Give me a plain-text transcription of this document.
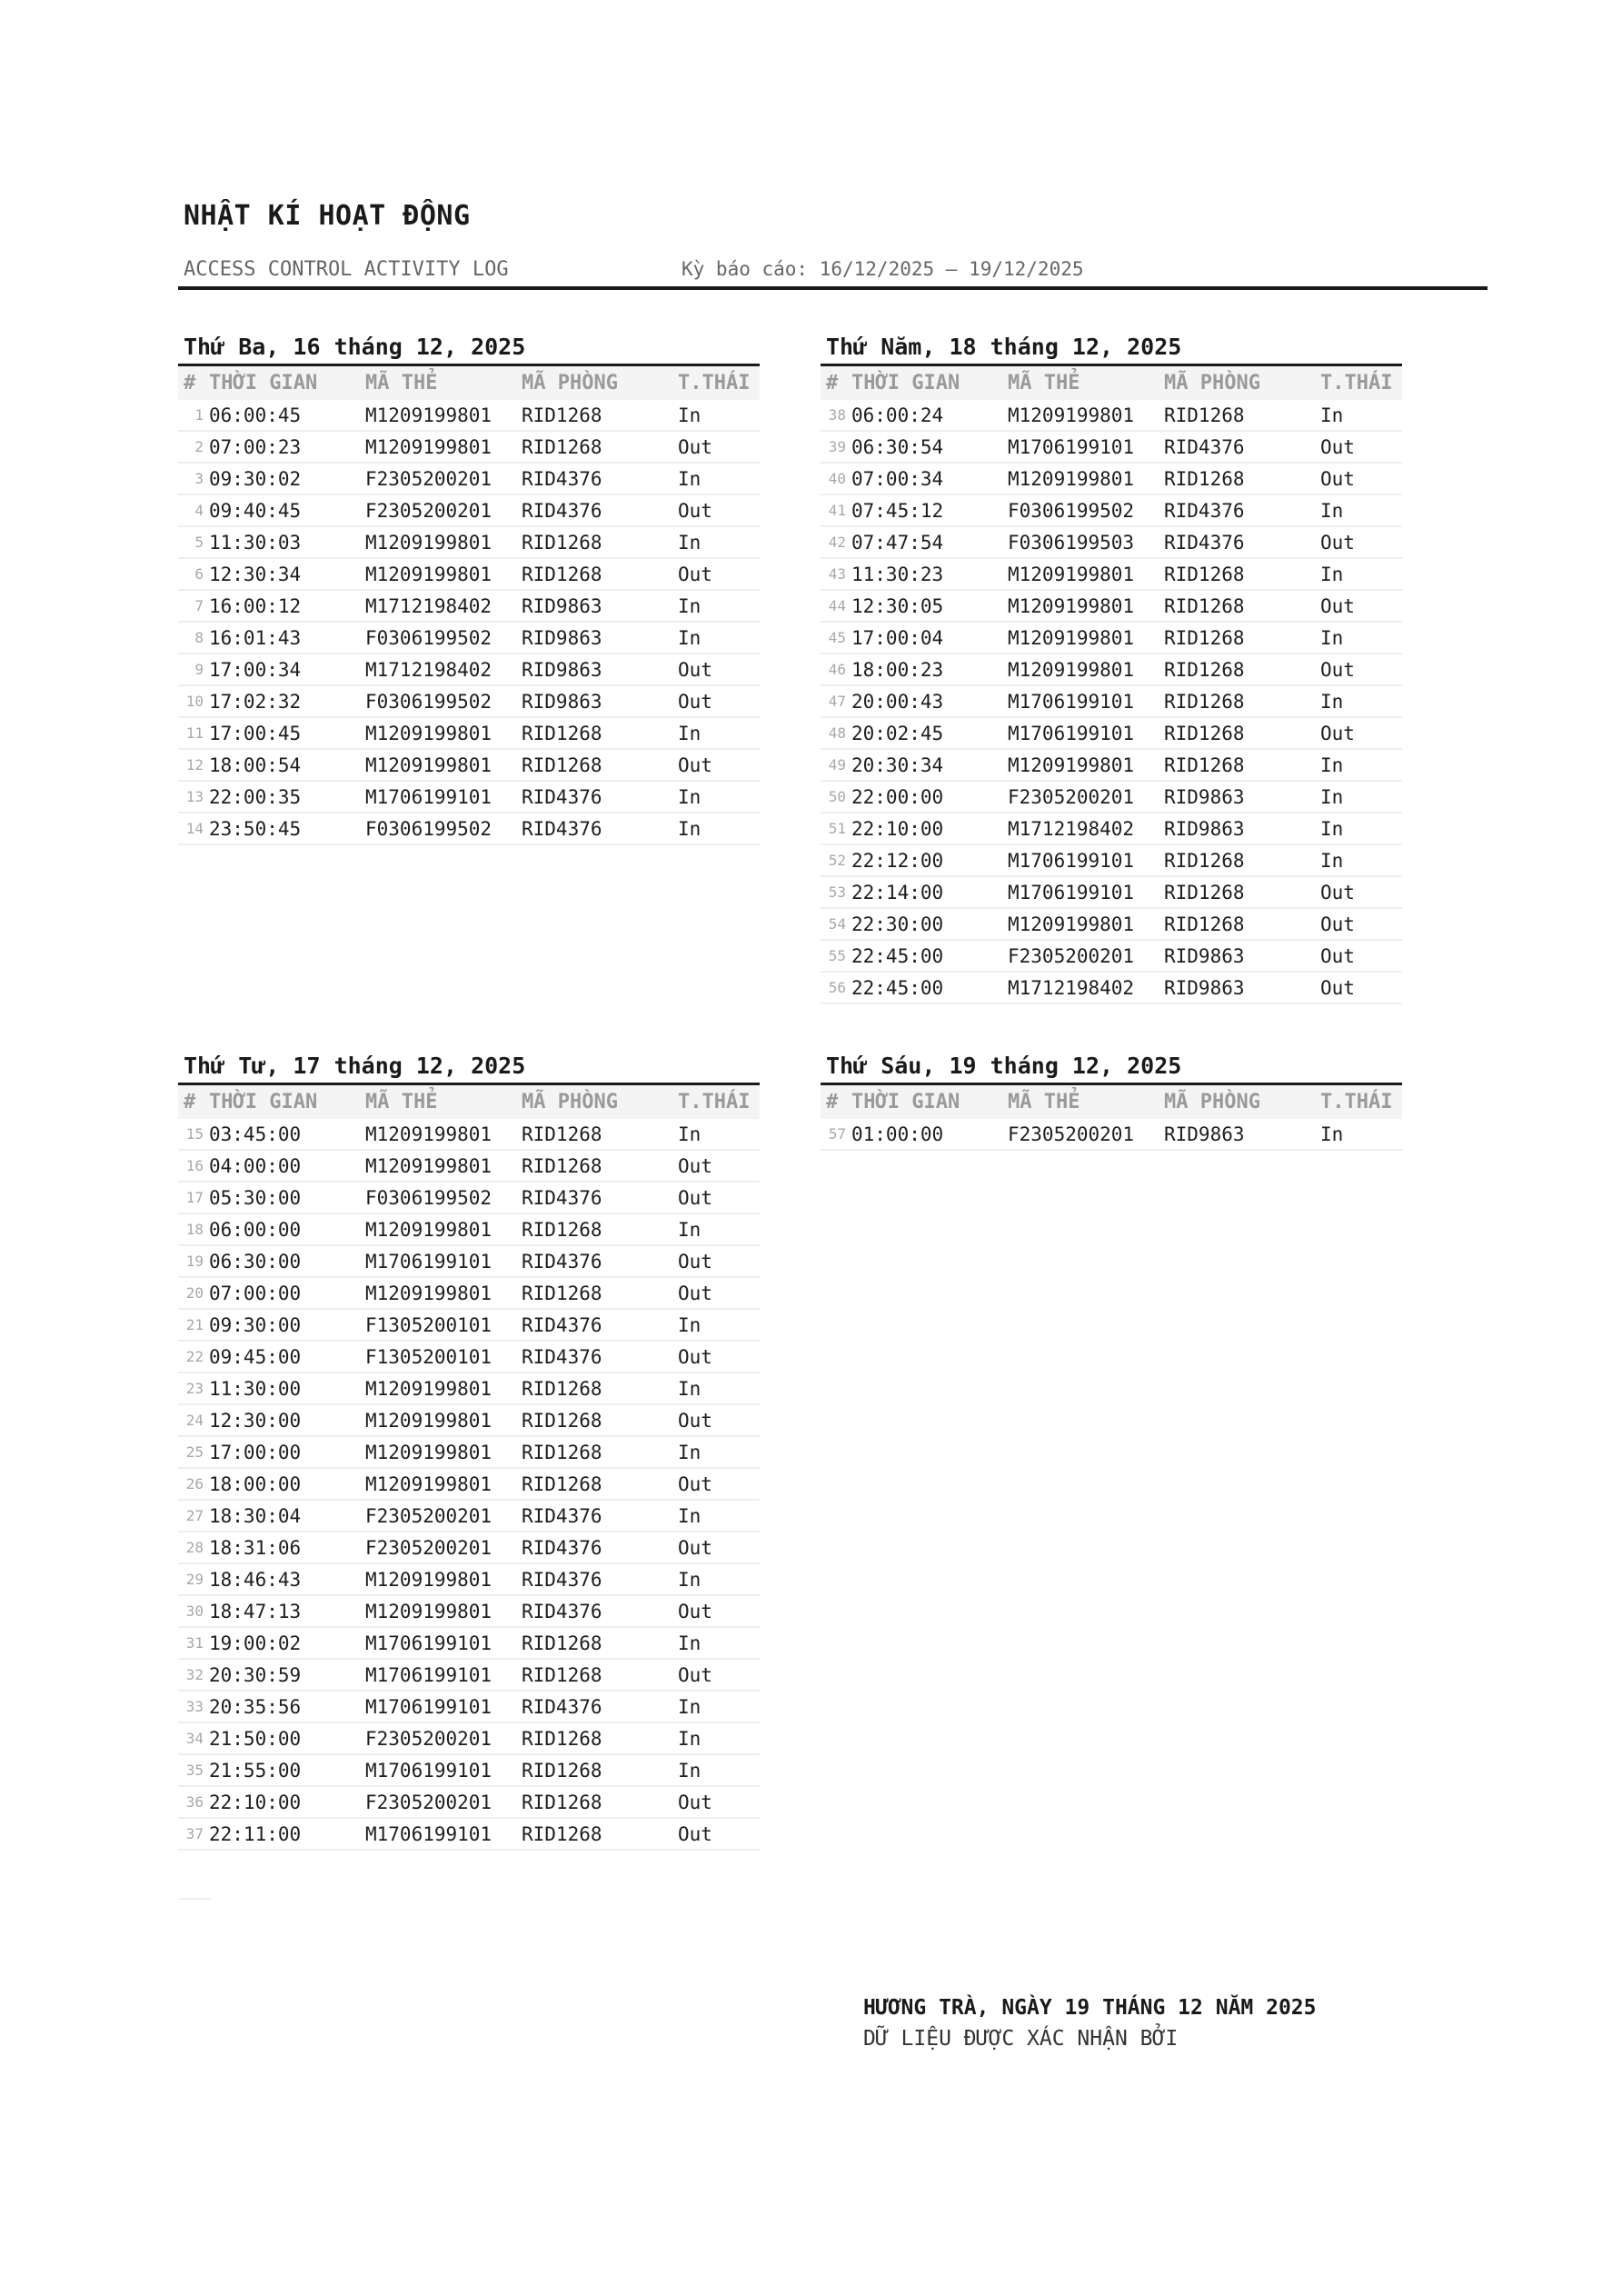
NHẬT KÍ HOẠT ĐỘNG
ACCESS CONTROL ACTIVITY LOG	Kỳ báo cáo: 16/12/2025 – 19/12/2025
Thứ Ba, 16 tháng 12, 2025
#	THỜI GIAN	MÃ THẺ	MÃ PHÒNG	T.THÁI
1	06:00:45	M1209199801	RID1268	In
2	07:00:23	M1209199801	RID1268	Out
3	09:30:02	F2305200201	RID4376	In
4	09:40:45	F2305200201	RID4376	Out
5	11:30:03	M1209199801	RID1268	In
6	12:30:34	M1209199801	RID1268	Out
7	16:00:12	M1712198402	RID9863	In
8	16:01:43	F0306199502	RID9863	In
9	17:00:34	M1712198402	RID9863	Out
10	17:02:32	F0306199502	RID9863	Out
11	17:00:45	M1209199801	RID1268	In
12	18:00:54	M1209199801	RID1268	Out
13	22:00:35	M1706199101	RID4376	In
14	23:50:45	F0306199502	RID4376	In
Thứ Năm, 18 tháng 12, 2025
#	THỜI GIAN	MÃ THẺ	MÃ PHÒNG	T.THÁI
38	06:00:24	M1209199801	RID1268	In
39	06:30:54	M1706199101	RID4376	Out
40	07:00:34	M1209199801	RID1268	Out
41	07:45:12	F0306199502	RID4376	In
42	07:47:54	F0306199503	RID4376	Out
43	11:30:23	M1209199801	RID1268	In
44	12:30:05	M1209199801	RID1268	Out
45	17:00:04	M1209199801	RID1268	In
46	18:00:23	M1209199801	RID1268	Out
47	20:00:43	M1706199101	RID1268	In
48	20:02:45	M1706199101	RID1268	Out
49	20:30:34	M1209199801	RID1268	In
50	22:00:00	F2305200201	RID9863	In
51	22:10:00	M1712198402	RID9863	In
52	22:12:00	M1706199101	RID1268	In
53	22:14:00	M1706199101	RID1268	Out
54	22:30:00	M1209199801	RID1268	Out
55	22:45:00	F2305200201	RID9863	Out
56	22:45:00	M1712198402	RID9863	Out
Thứ Tư, 17 tháng 12, 2025
#	THỜI GIAN	MÃ THẺ	MÃ PHÒNG	T.THÁI
15	03:45:00	M1209199801	RID1268	In
16	04:00:00	M1209199801	RID1268	Out
17	05:30:00	F0306199502	RID4376	Out
18	06:00:00	M1209199801	RID1268	In
19	06:30:00	M1706199101	RID4376	Out
20	07:00:00	M1209199801	RID1268	Out
21	09:30:00	F1305200101	RID4376	In
22	09:45:00	F1305200101	RID4376	Out
23	11:30:00	M1209199801	RID1268	In
24	12:30:00	M1209199801	RID1268	Out
25	17:00:00	M1209199801	RID1268	In
26	18:00:00	M1209199801	RID1268	Out
27	18:30:04	F2305200201	RID4376	In
28	18:31:06	F2305200201	RID4376	Out
29	18:46:43	M1209199801	RID4376	In
30	18:47:13	M1209199801	RID4376	Out
31	19:00:02	M1706199101	RID1268	In
32	20:30:59	M1706199101	RID1268	Out
33	20:35:56	M1706199101	RID4376	In
34	21:50:00	F2305200201	RID1268	In
35	21:55:00	M1706199101	RID1268	In
36	22:10:00	F2305200201	RID1268	Out
37	22:11:00	M1706199101	RID1268	Out
Thứ Sáu, 19 tháng 12, 2025
#	THỜI GIAN	MÃ THẺ	MÃ PHÒNG	T.THÁI
57	01:00:00	F2305200201	RID9863	In
HƯƠNG TRÀ, NGÀY 19 THÁNG 12 NĂM 2025
DỮ LIỆU ĐƯỢC XÁC NHẬN BỞI
